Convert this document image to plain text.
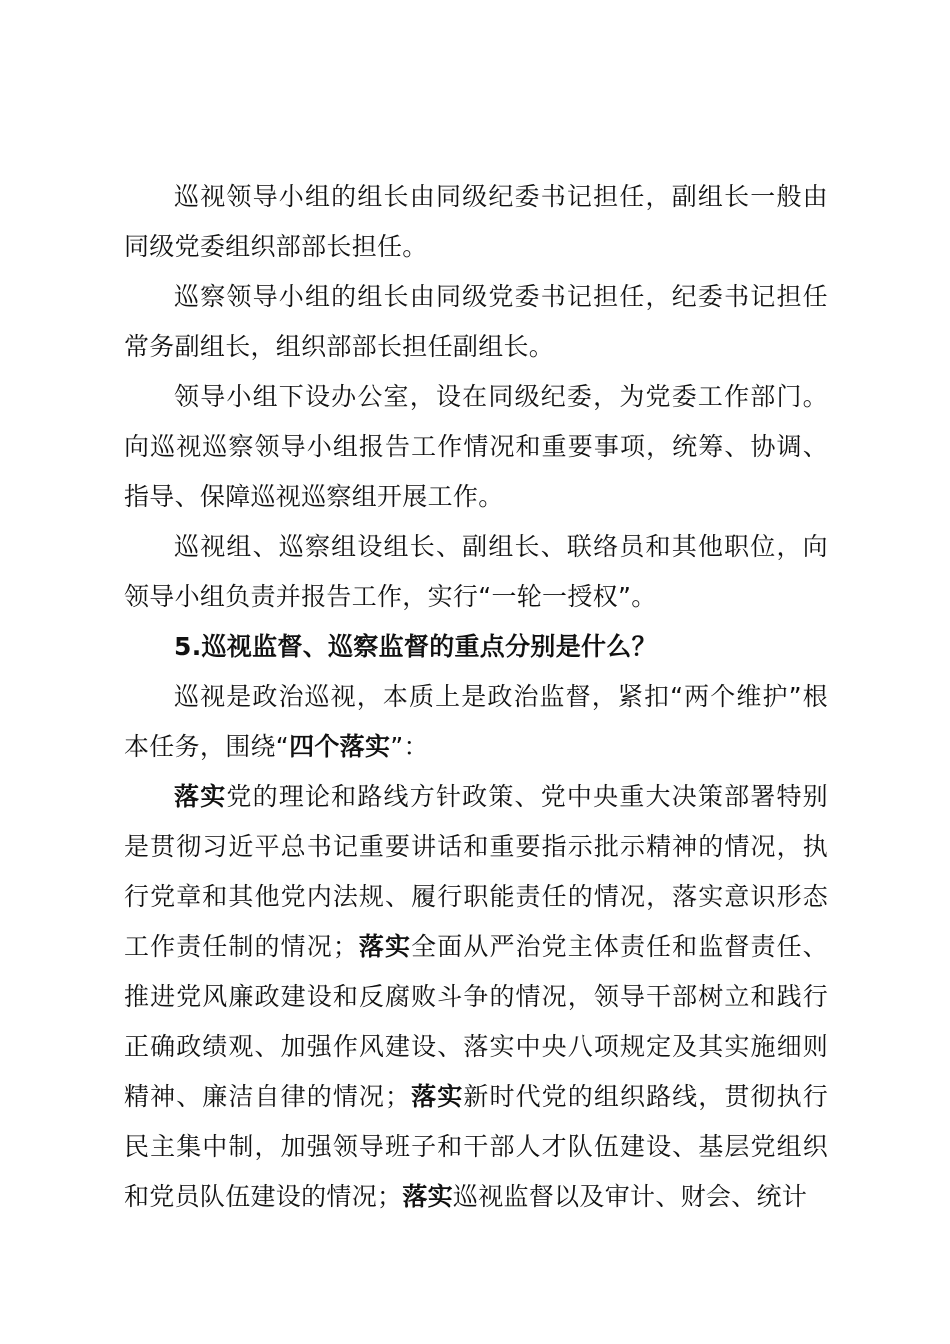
巡视领导小组的组长由同级纪委书记担任，副组长一般由同级党委组织部部长担任。

巡察领导小组的组长由同级党委书记担任，纪委书记担任常务副组长，组织部部长担任副组长。

领导小组下设办公室，设在同级纪委，为党委工作部门。向巡视巡察领导小组报告工作情况和重要事项，统筹、协调、指导、保障巡视巡察组开展工作。

巡视组、巡察组设组长、副组长、联络员和其他职位，向领导小组负责并报告工作，实行“一轮一授权”。

5.巡视监督、巡察监督的重点分别是什么？

巡视是政治巡视，本质上是政治监督，紧扣“两个维护”根本任务，围绕“四个落实”：

落实党的理论和路线方针政策、党中央重大决策部署特别是贯彻习近平总书记重要讲话和重要指示批示精神的情况，执行党章和其他党内法规、履行职能责任的情况，落实意识形态工作责任制的情况；落实全面从严治党主体责任和监督责任、推进党风廉政建设和反腐败斗争的情况，领导干部树立和践行正确政绩观、加强作风建设、落实中央八项规定及其实施细则精神、廉洁自律的情况；落实新时代党的组织路线，贯彻执行民主集中制，加强领导班子和干部人才队伍建设、基层党组织和党员队伍建设的情况；落实巡视监督以及审计、财会、统计
